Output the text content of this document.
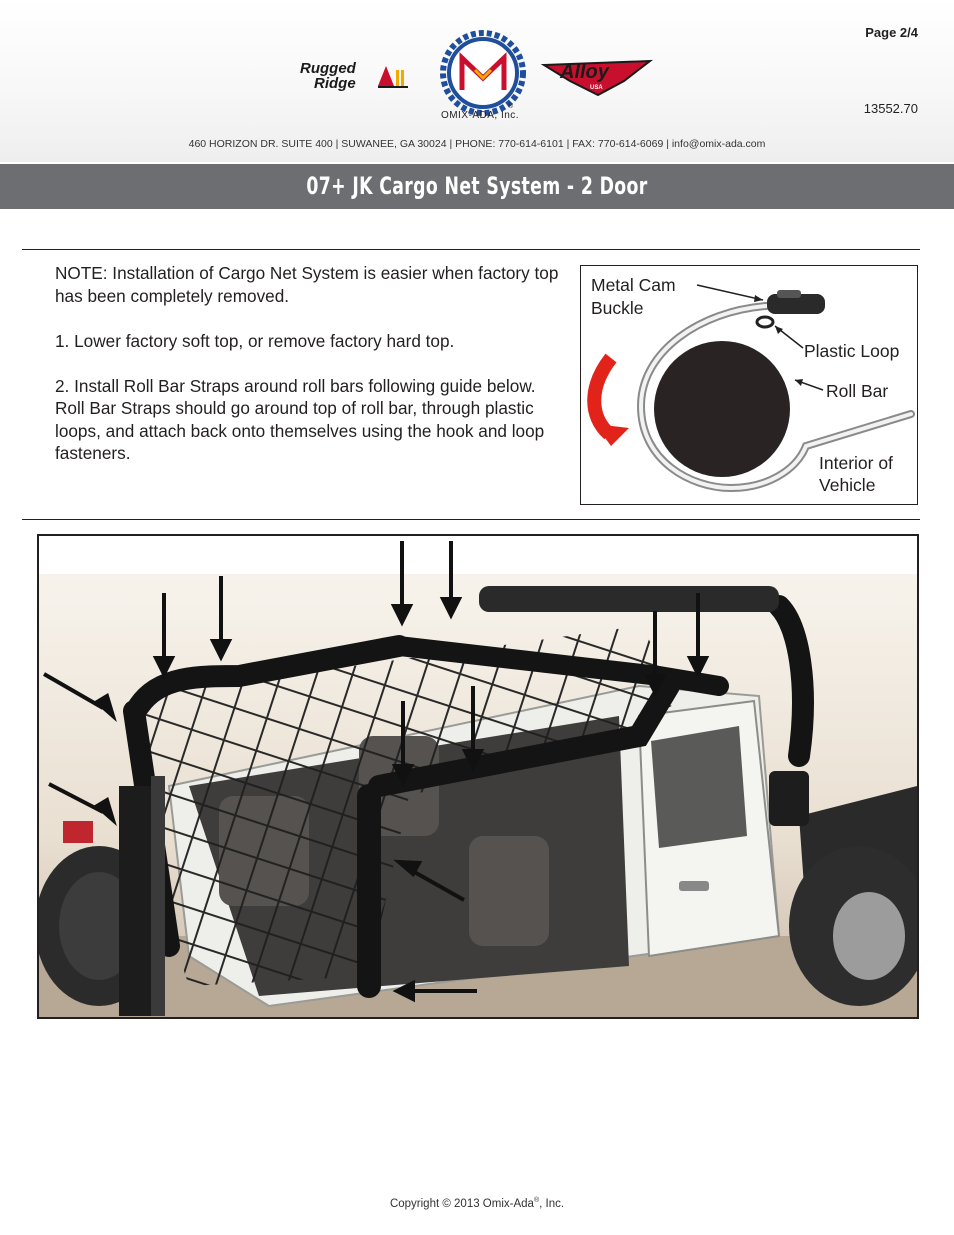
Page 2/4
13552.70
Rugged
Ridge
®
OMIX-ADA, Inc.
Alloy
USA
460 HORIZON DR. SUITE 400 | SUWANEE, GA 30024 | PHONE: 770-614-6101 | FAX: 770-614-6069 | info@omix-ada.com
07+ JK Cargo Net System - 2 Door

NOTE: Installation of Cargo Net System is easier when factory top has been completely removed.

1. Lower factory soft top, or remove factory hard top.

2. Install Roll Bar Straps around roll bars following guide below. Roll Bar Straps should go around top of roll bar, through plastic loops, and attach back onto themselves using the hook and loop fasteners.

Metal Cam
Buckle
Plastic Loop
Roll Bar
Interior of
Vehicle
Copyright © 2013 Omix-Ada®, Inc.
